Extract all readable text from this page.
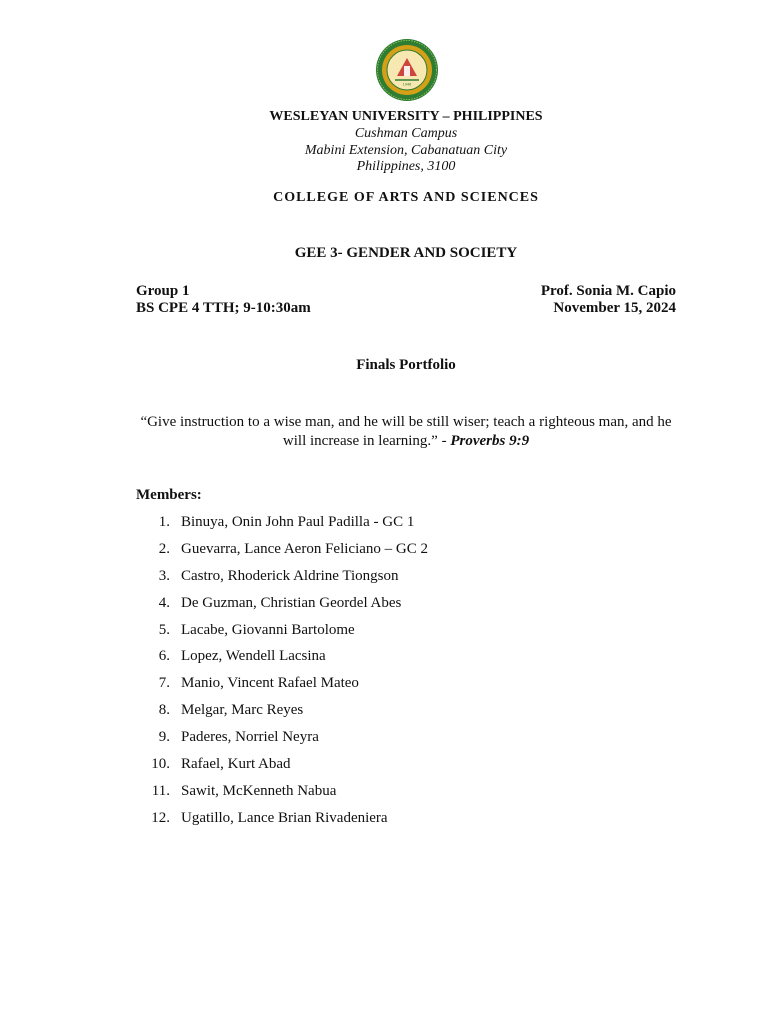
1946
WESLEYAN UNIVERSITY – PHILIPPINES
Cushman Campus
Mabini Extension, Cabanatuan City
Philippines, 3100
COLLEGE OF ARTS AND SCIENCES
GEE 3- GENDER AND SOCIETY
Group 1	Prof. Sonia M. Capio
BS CPE 4 TTH; 9-10:30am	November 15, 2024
Finals Portfolio
“Give instruction to a wise man, and he will be still wiser; teach a righteous man, and he will increase in learning.” - Proverbs 9:9
Members:
1. Binuya, Onin John Paul Padilla - GC 1
2. Guevarra, Lance Aeron Feliciano – GC 2
3. Castro, Rhoderick Aldrine Tiongson
4. De Guzman, Christian Geordel Abes
5. Lacabe, Giovanni Bartolome
6. Lopez, Wendell Lacsina
7. Manio, Vincent Rafael Mateo
8. Melgar, Marc Reyes
9. Paderes, Norriel Neyra
10. Rafael, Kurt Abad
11. Sawit, McKenneth Nabua
12. Ugatillo, Lance Brian Rivadeniera
